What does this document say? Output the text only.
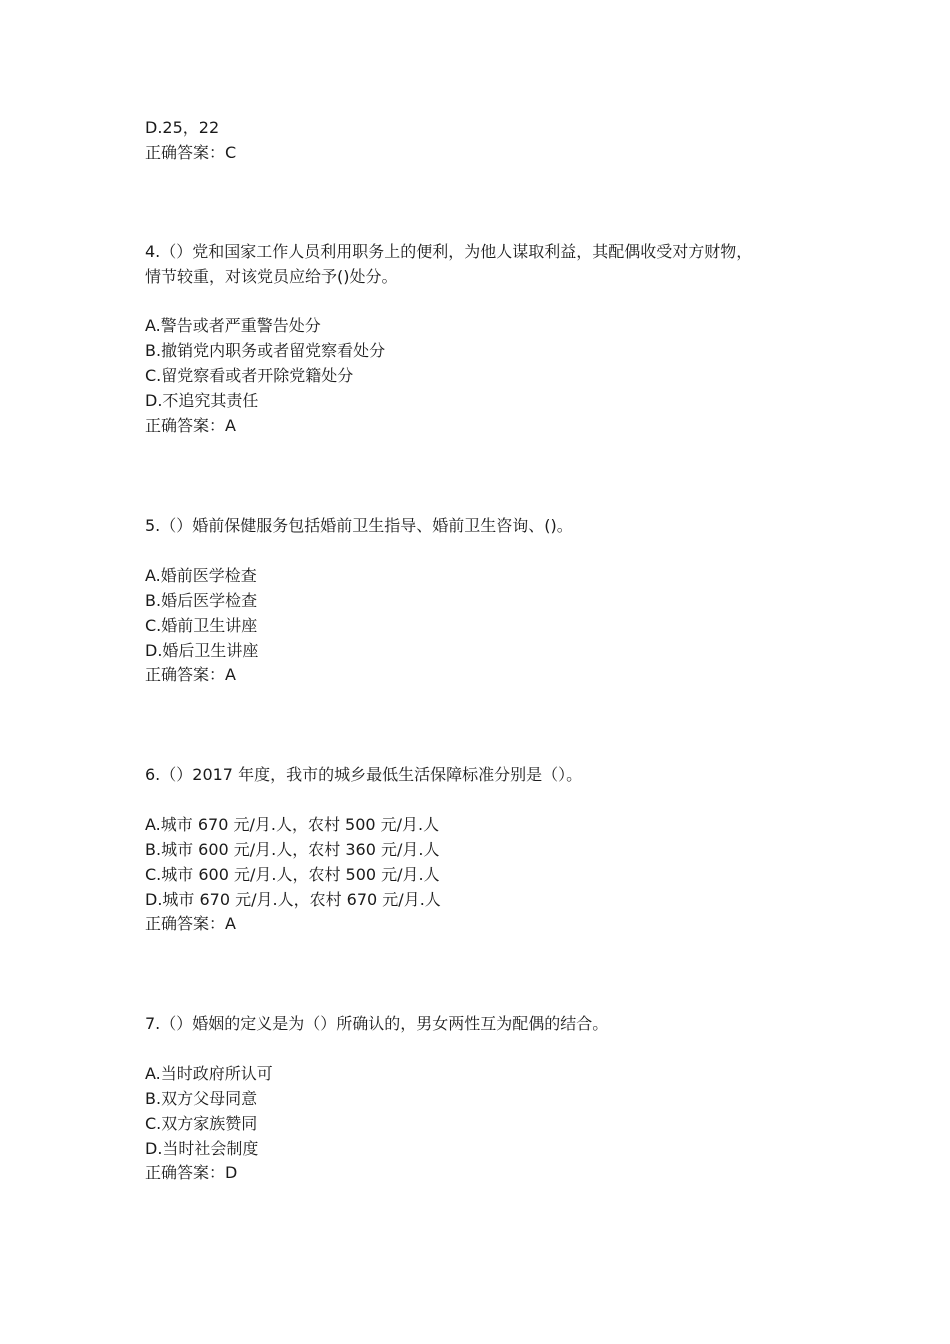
D.25，22
正确答案：C
4.（）党和国家工作人员利用职务上的便利，为他人谋取利益，其配偶收受对方财物，
情节较重，对该党员应给予()处分。
A.警告或者严重警告处分
B.撤销党内职务或者留党察看处分
C.留党察看或者开除党籍处分
D.不追究其责任
正确答案：A
5.（）婚前保健服务包括婚前卫生指导、婚前卫生咨询、()。
A.婚前医学检查
B.婚后医学检查
C.婚前卫生讲座
D.婚后卫生讲座
正确答案：A
6.（）2017 年度，我市的城乡最低生活保障标准分别是（）。
A.城市 670 元/月.人，农村 500 元/月.人
B.城市 600 元/月.人，农村 360 元/月.人
C.城市 600 元/月.人，农村 500 元/月.人
D.城市 670 元/月.人，农村 670 元/月.人
正确答案：A
7.（）婚姻的定义是为（）所确认的，男女两性互为配偶的结合。
A.当时政府所认可
B.双方父母同意
C.双方家族赞同
D.当时社会制度
正确答案：D
